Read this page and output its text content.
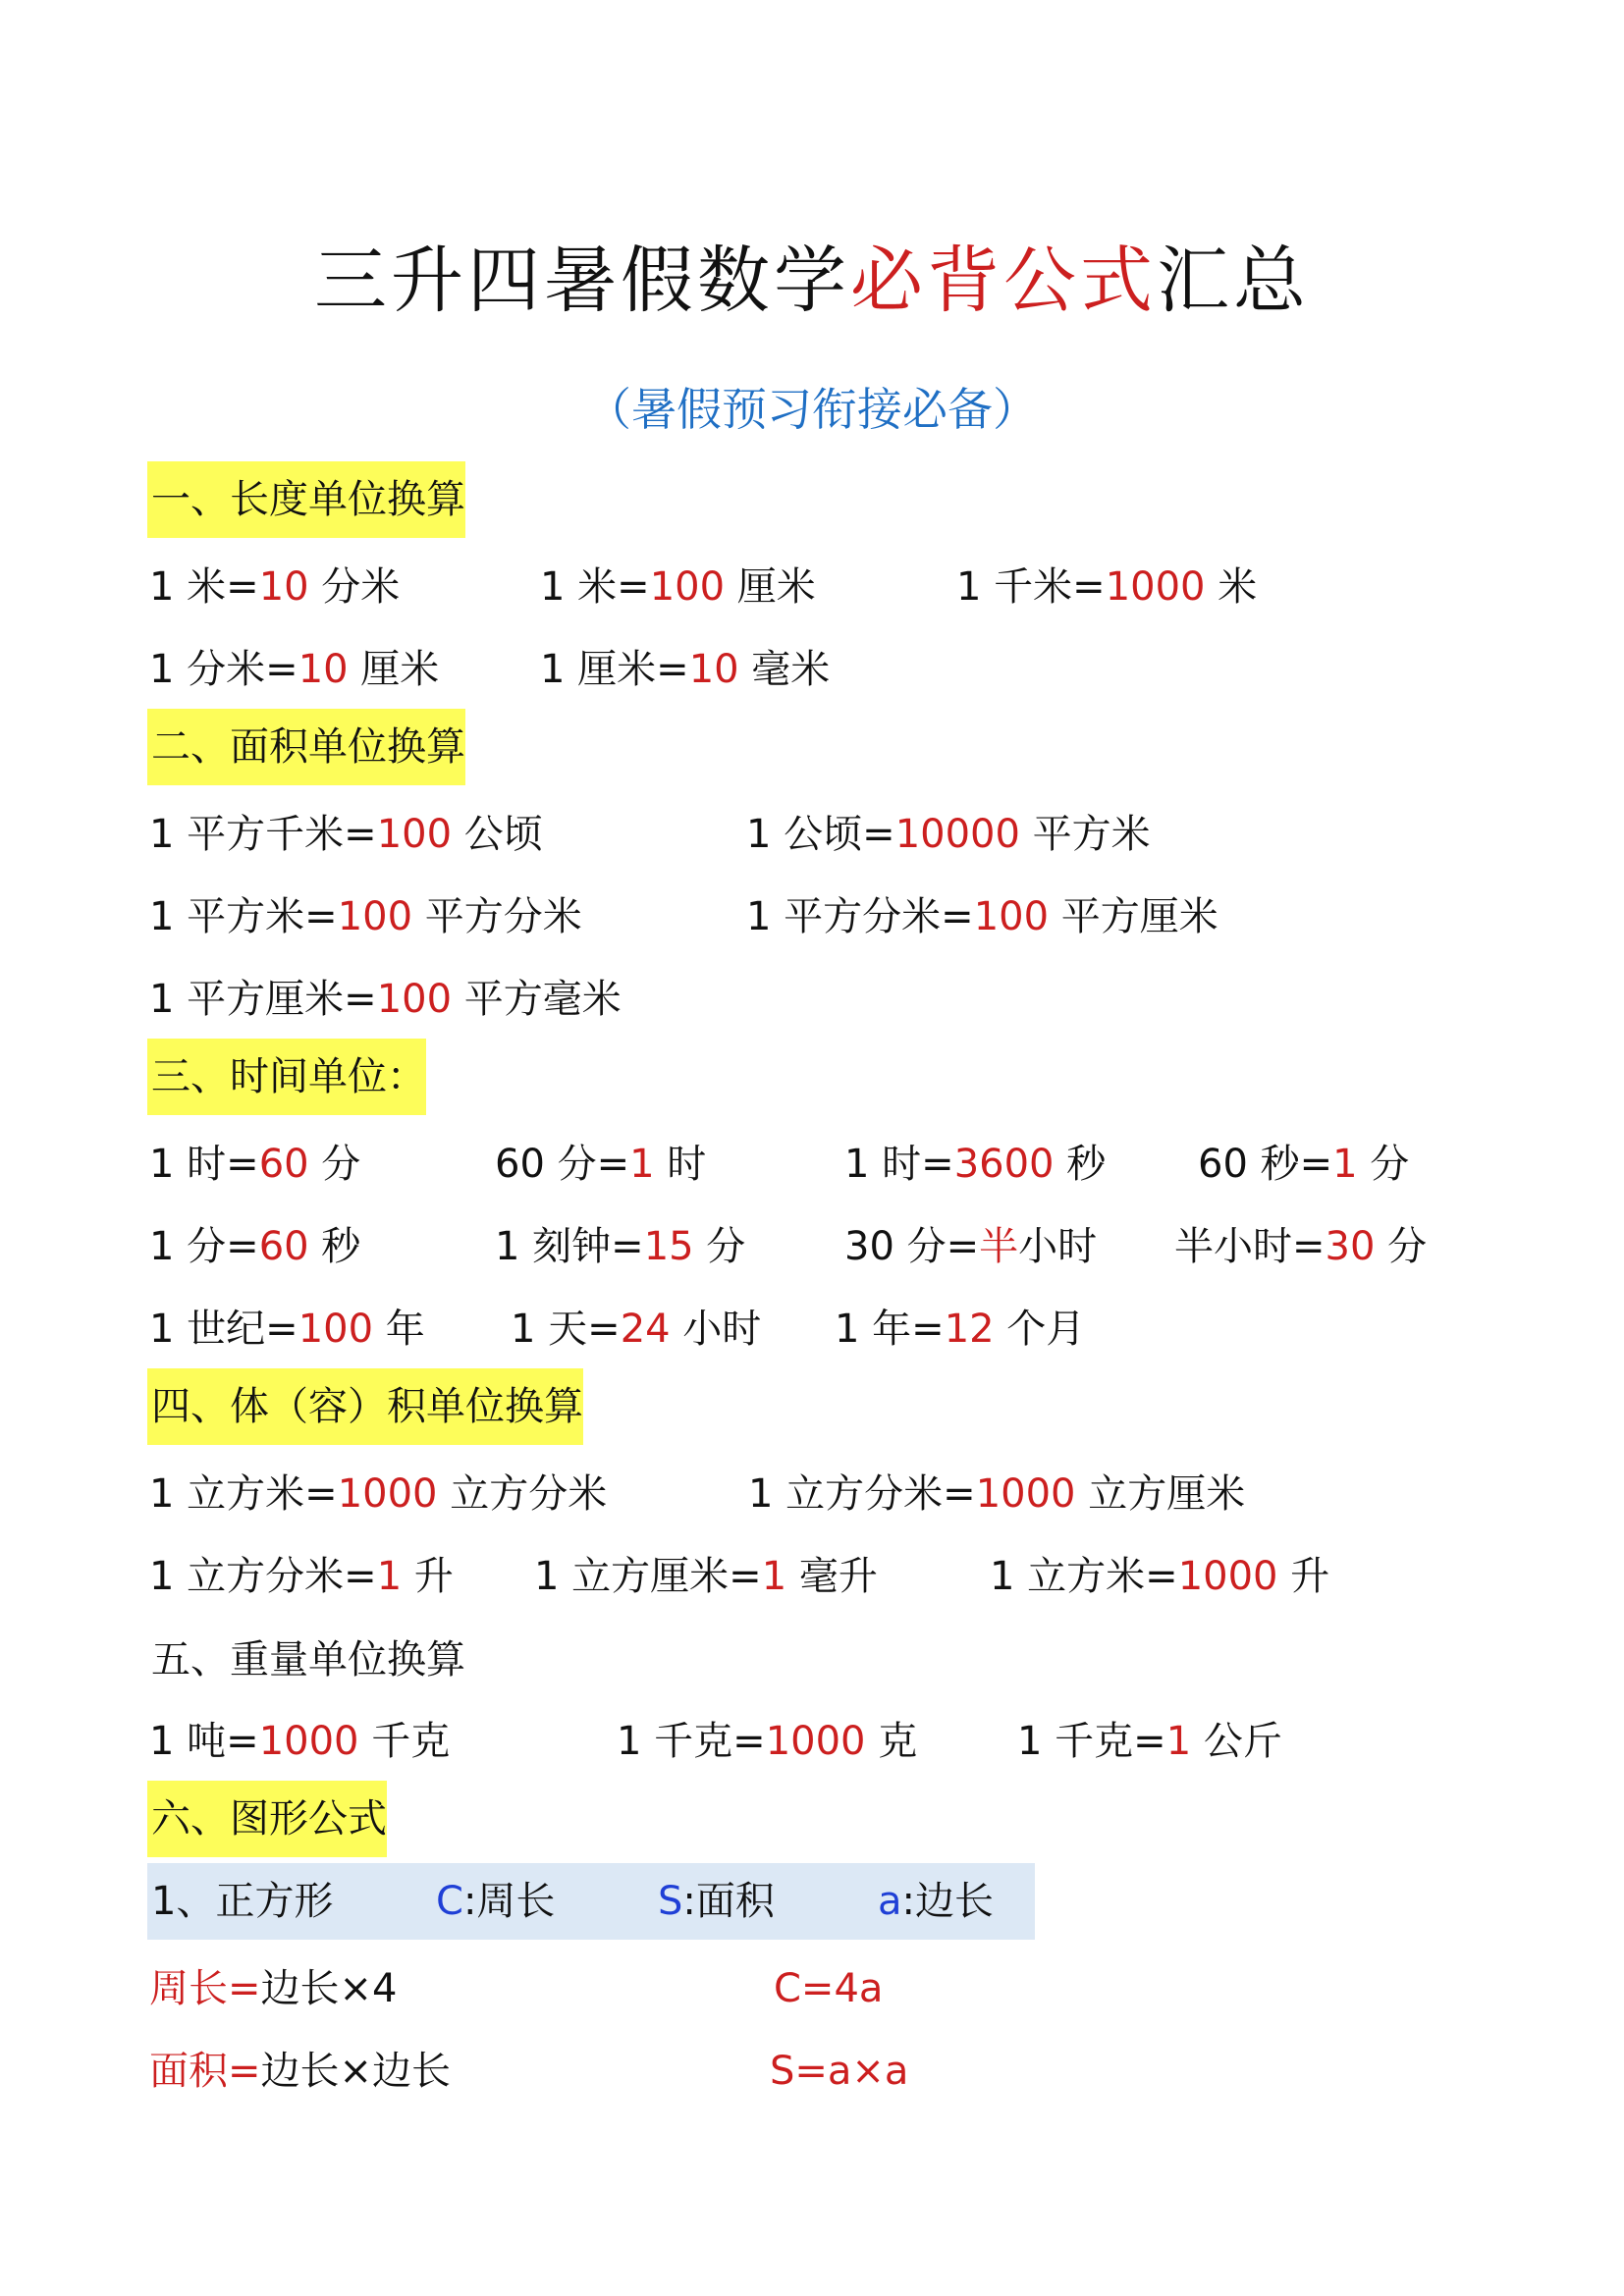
三升四暑假数学必背公式汇总
（暑假预习衔接必备）
一、长度单位换算
1 米=10 分米	1 米=100 厘米	1 千米=1000 米
1 分米=10 厘米	1 厘米=10 毫米
二、面积单位换算
1 平方千米=100 公顷	1 公顷=10000 平方米
1 平方米=100 平方分米	1 平方分米=100 平方厘米
1 平方厘米=100 平方毫米
三、时间单位：
1 时=60 分	60 分=1 时	1 时=3600 秒 60 秒=1 分
1 分=60 秒	1 刻钟=15 分	30 分=半小时 半小时=30 分
1 世纪=100 年 1 天=24 小时 1 年=12 个月
四、体（容）积单位换算
1 立方米=1000 立方分米	1 立方分米=1000 立方厘米
1 立方分米=1 升 1 立方厘米=1 毫升	1 立方米=1000 升
五、重量单位换算
1 吨=1000 千克	1 千克=1000 克	1 千克=1 公斤
六、图形公式
1、正方形	C:周长	S:面积	a:边长
周长=边长×4	C=4a
面积=边长×边长	S=a×a
